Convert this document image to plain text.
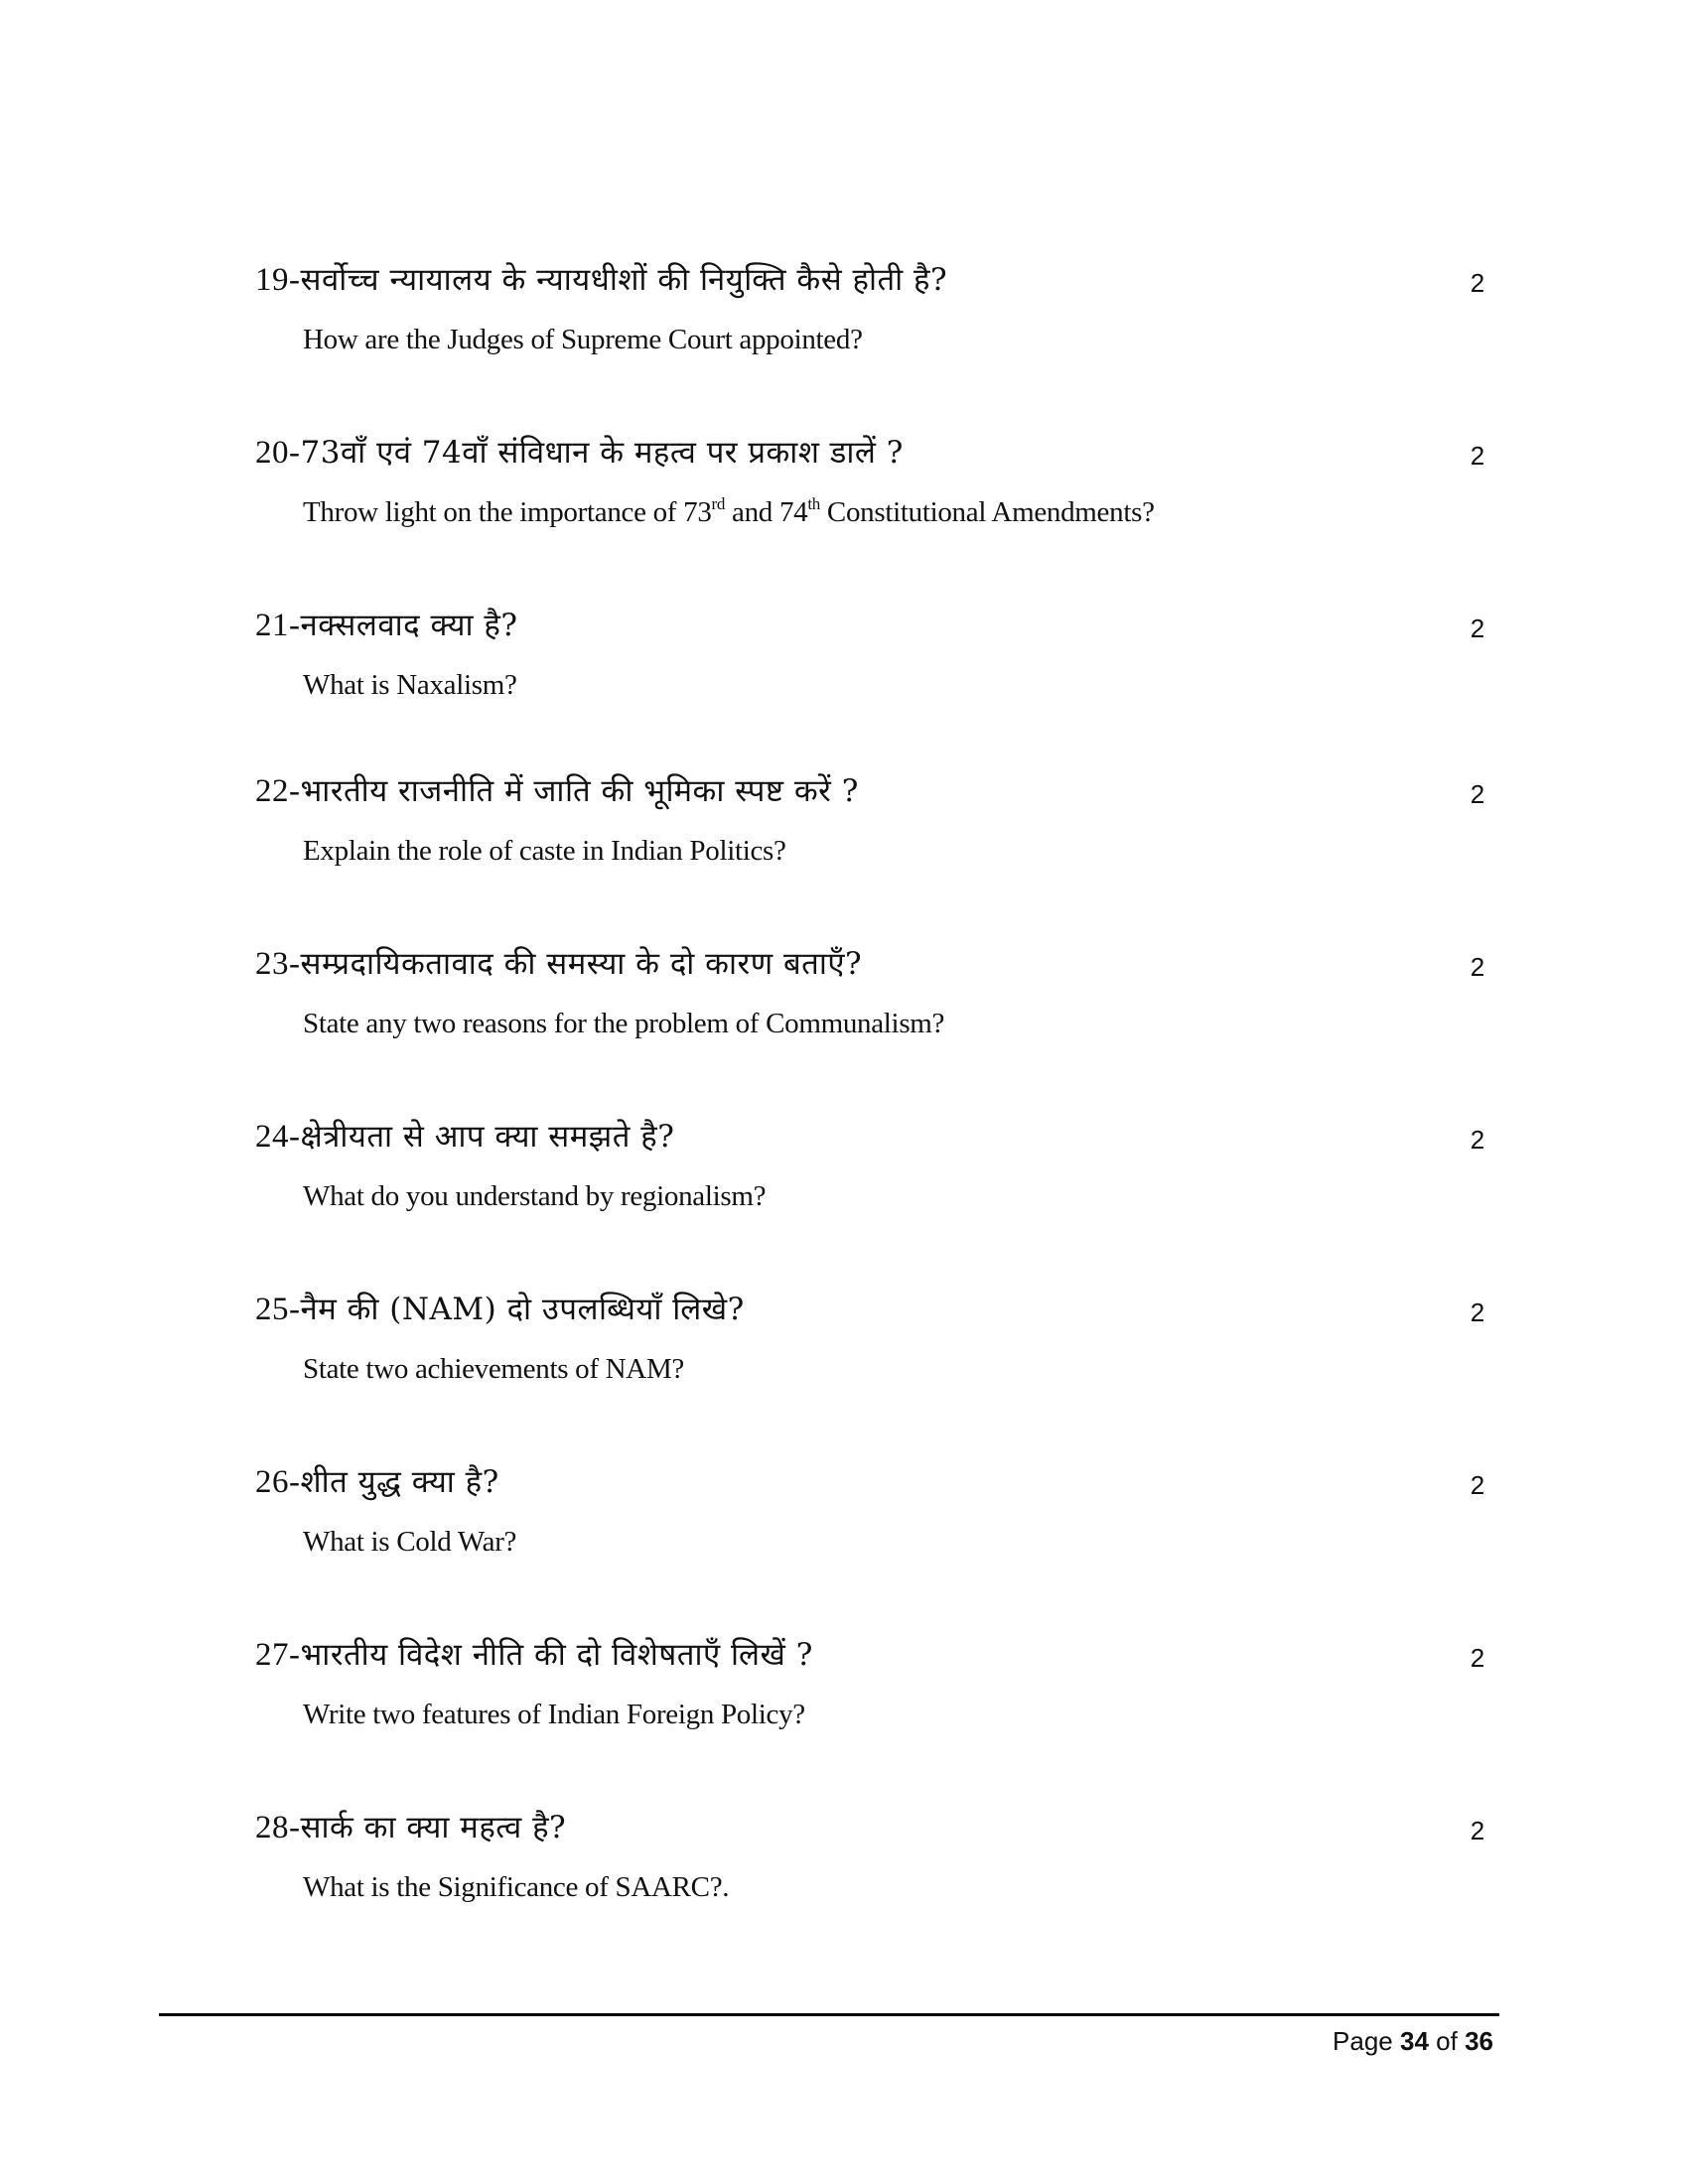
19-सर्वोच्च न्यायालय के न्यायधीशों की नियुक्ति कैसे होती है?
How are the Judges of Supreme Court appointed?
2
20-73वाँ एवं 74वाँ संविधान के महत्व पर प्रकाश डालें ?
Throw light on the importance of 73rd and 74th Constitutional Amendments?
2
21-नक्सलवाद क्या है?
What is Naxalism?
2
22-भारतीय राजनीति में जाति की भूमिका स्पष्ट करें ?
Explain the role of caste in Indian Politics?
2
23-सम्प्रदायिकतावाद की समस्या के दो कारण बताएँ?
State any two reasons for the problem of Communalism?
2
24-क्षेत्रीयता से आप क्या समझते है?
What do you understand by regionalism?
2
25-नैम की (NAM) दो उपलब्धियाँ लिखे?
State two achievements of NAM?
2
26-शीत युद्ध क्या है?
What is Cold War?
2
27-भारतीय विदेश नीति की दो विशेषताएँ लिखें ?
Write two features of Indian Foreign Policy?
2
28-सार्क का क्या महत्व है?
What is the Significance of SAARC?.
2
Page 34 of 36
